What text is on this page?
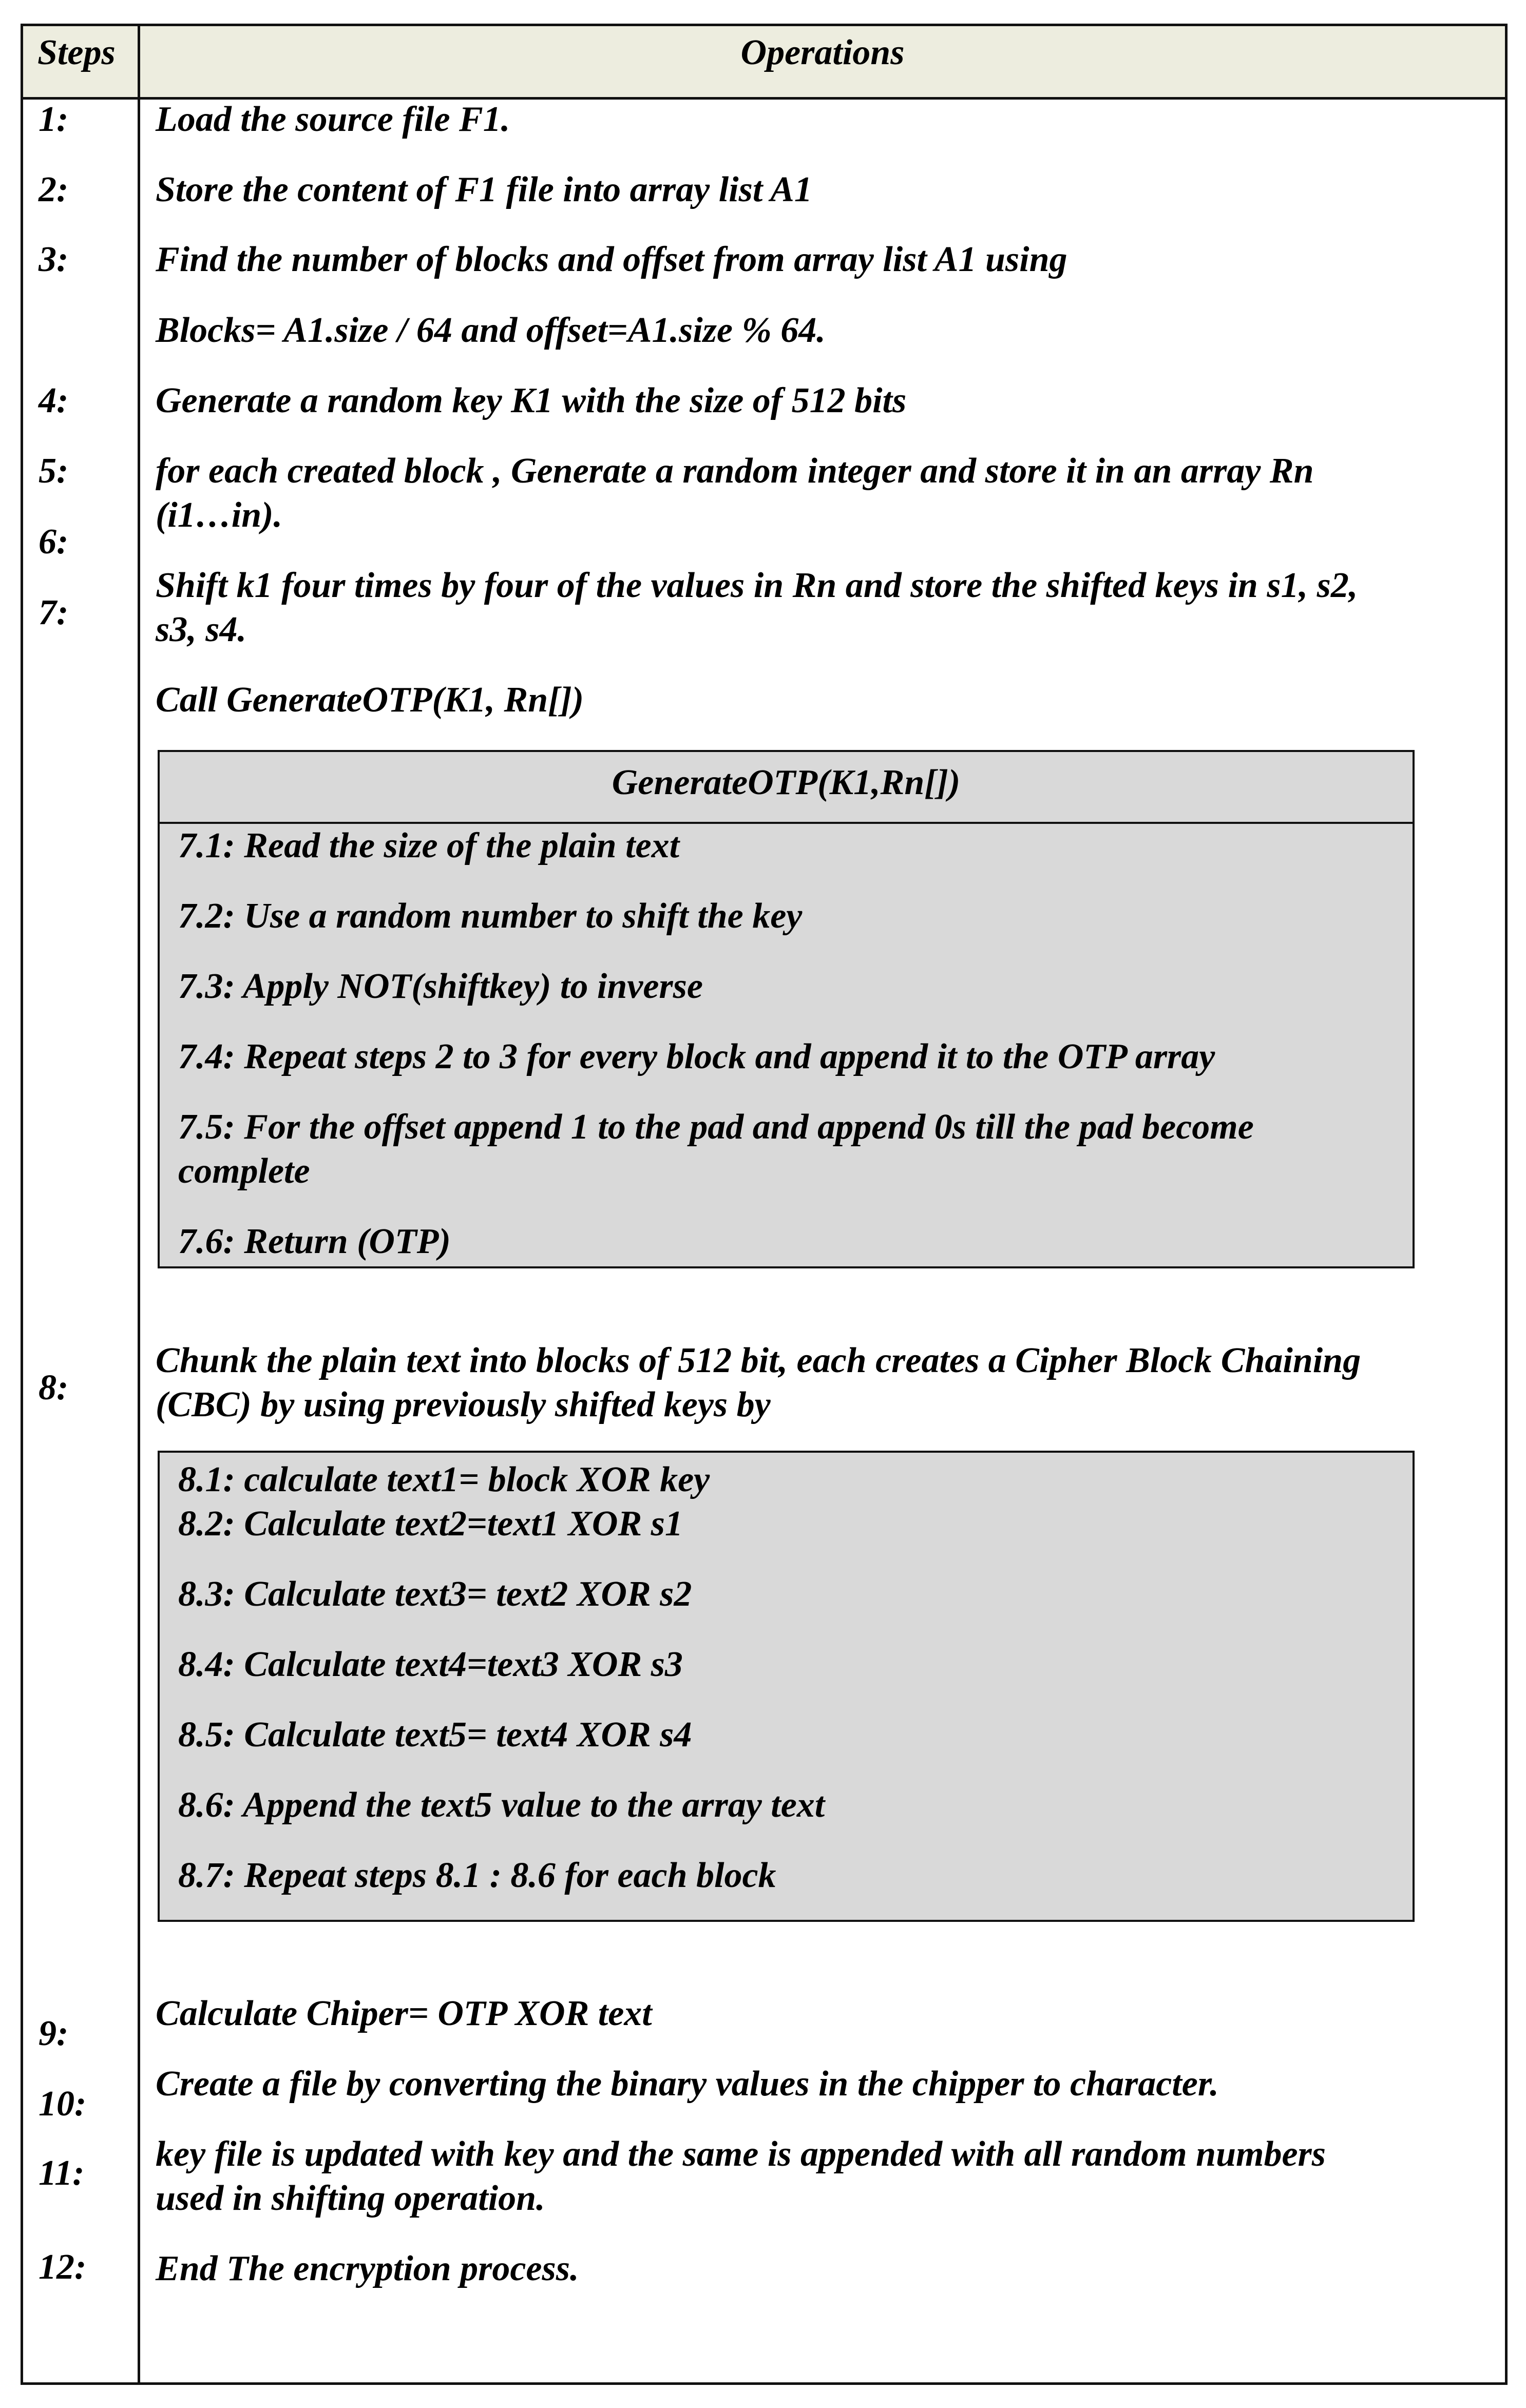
Steps	Operations
1:
2:
3:
4:
5:
6:
7:
8:
9:
10:
11:
12:
Load the source file F1.
Store the content of F1 file into array list A1
Find the number of blocks and offset from array list A1 using
Blocks= A1.size / 64 and offset=A1.size % 64.
Generate a random key K1 with the size of 512 bits
for each created block , Generate a random integer and store it in an array Rn
(i1…in).
Shift k1 four times by four of the values in Rn and store the shifted keys in s1, s2,
s3, s4.
Call GenerateOTP(K1, Rn[])
GenerateOTP(K1,Rn[])
7.1: Read the size of the plain text
7.2: Use a random number to shift the key
7.3: Apply NOT(shiftkey) to inverse
7.4: Repeat steps 2 to 3 for every block and append it to the OTP array
7.5: For the offset append 1 to the pad and append 0s till the pad become
complete
7.6: Return (OTP)
Chunk the plain text into blocks of 512 bit, each creates a Cipher Block Chaining
(CBC) by using previously shifted keys by
8.1: calculate text1= block XOR key
8.2: Calculate text2=text1 XOR s1
8.3: Calculate text3= text2 XOR s2
8.4: Calculate text4=text3 XOR s3
8.5: Calculate text5= text4 XOR s4
8.6: Append the text5 value to the array text
8.7: Repeat steps 8.1 : 8.6 for each block
Calculate Chiper= OTP XOR text
Create a file by converting the binary values in the chipper to character.
key file is updated with key and the same is appended with all random numbers
used in shifting operation.
End The encryption process.
